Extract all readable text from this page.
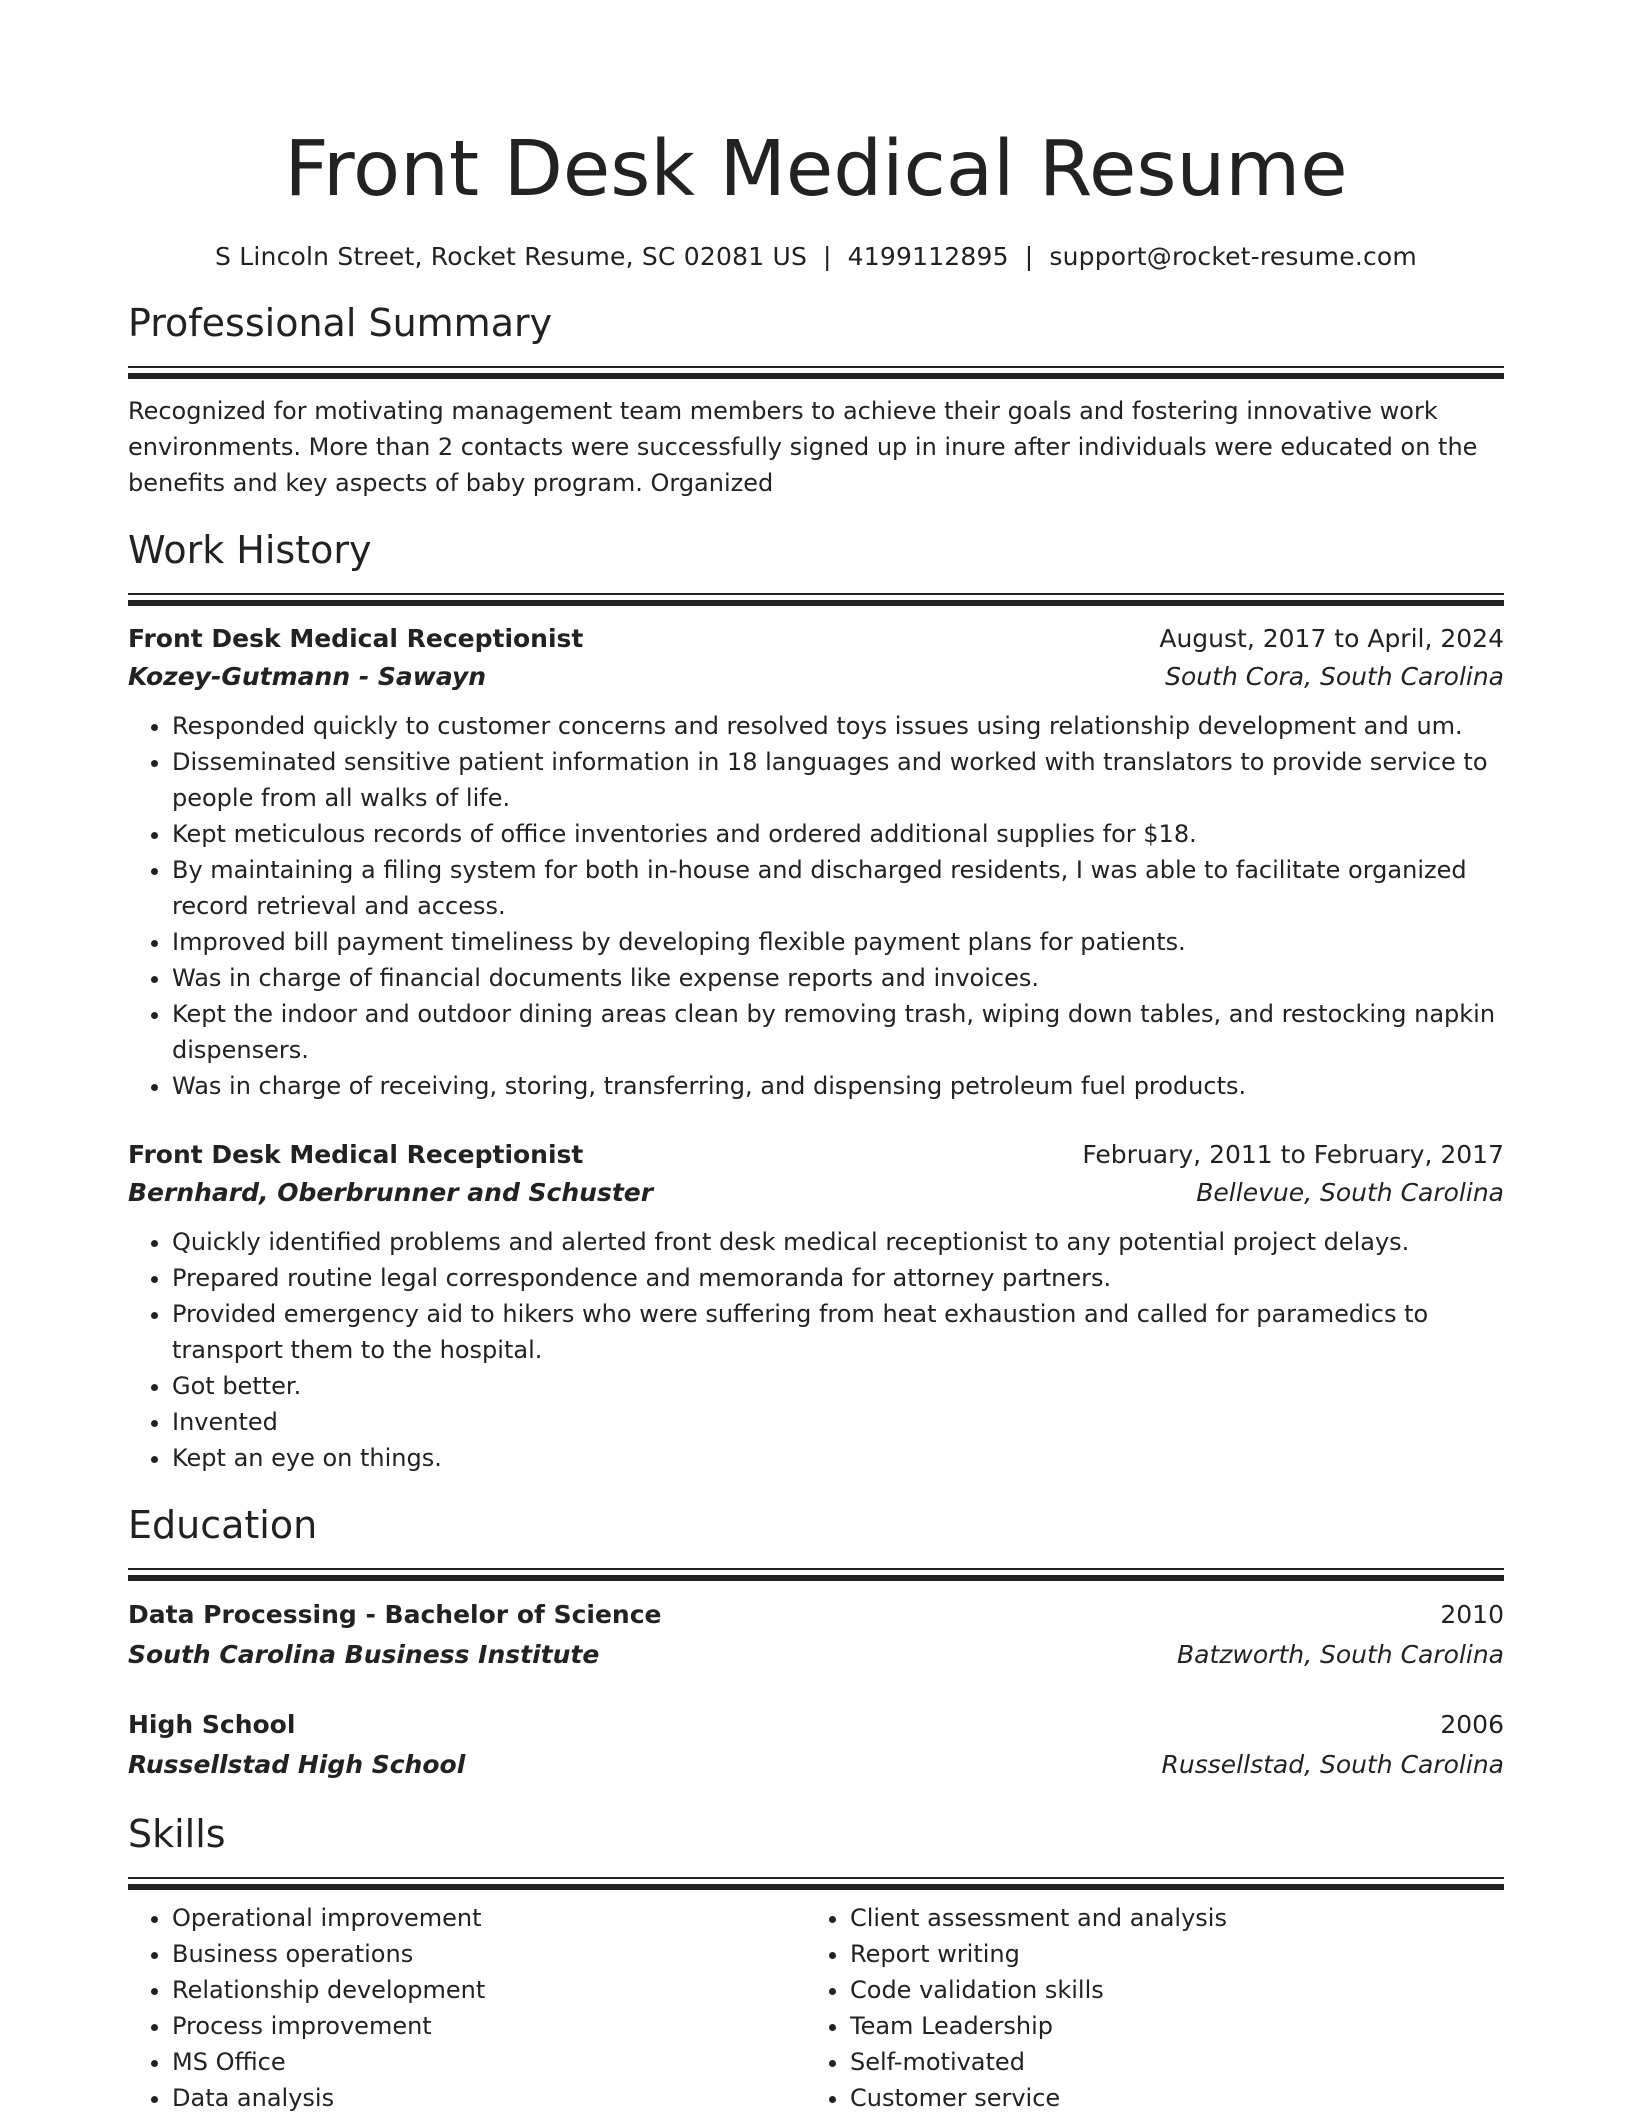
Front Desk Medical Resume
S Lincoln Street, Rocket Resume, SC 02081 US | 4199112895 | support@rocket-resume.com
Professional Summary

Recognized for motivating management team members to achieve their goals and fostering innovative work environments. More than 2 contacts were successfully signed up in inure after individuals were educated on the benefits and key aspects of baby program. Organized

Work History
Front Desk Medical Receptionist	August, 2017 to April, 2024
Kozey-Gutmann - Sawayn	South Cora, South Carolina
• Responded quickly to customer concerns and resolved toys issues using relationship development and um.
• Disseminated sensitive patient information in 18 languages and worked with translators to provide service to people from all walks of life.
• Kept meticulous records of office inventories and ordered additional supplies for $18.
• By maintaining a filing system for both in-house and discharged residents, I was able to facilitate organized record retrieval and access.
• Improved bill payment timeliness by developing flexible payment plans for patients.
• Was in charge of financial documents like expense reports and invoices.
• Kept the indoor and outdoor dining areas clean by removing trash, wiping down tables, and restocking napkin dispensers.
• Was in charge of receiving, storing, transferring, and dispensing petroleum fuel products.
Front Desk Medical Receptionist	February, 2011 to February, 2017
Bernhard, Oberbrunner and Schuster	Bellevue, South Carolina
• Quickly identified problems and alerted front desk medical receptionist to any potential project delays.
• Prepared routine legal correspondence and memoranda for attorney partners.
• Provided emergency aid to hikers who were suffering from heat exhaustion and called for paramedics to transport them to the hospital.
• Got better.
• Invented
• Kept an eye on things.
Education
Data Processing - Bachelor of Science	2010
South Carolina Business Institute	Batzworth, South Carolina
High School	2006
Russellstad High School	Russellstad, South Carolina
Skills
• Operational improvement
• Business operations
• Relationship development
• Process improvement
• MS Office
• Data analysis
• Client assessment and analysis
• Report writing
• Code validation skills
• Team Leadership
• Self-motivated
• Customer service
